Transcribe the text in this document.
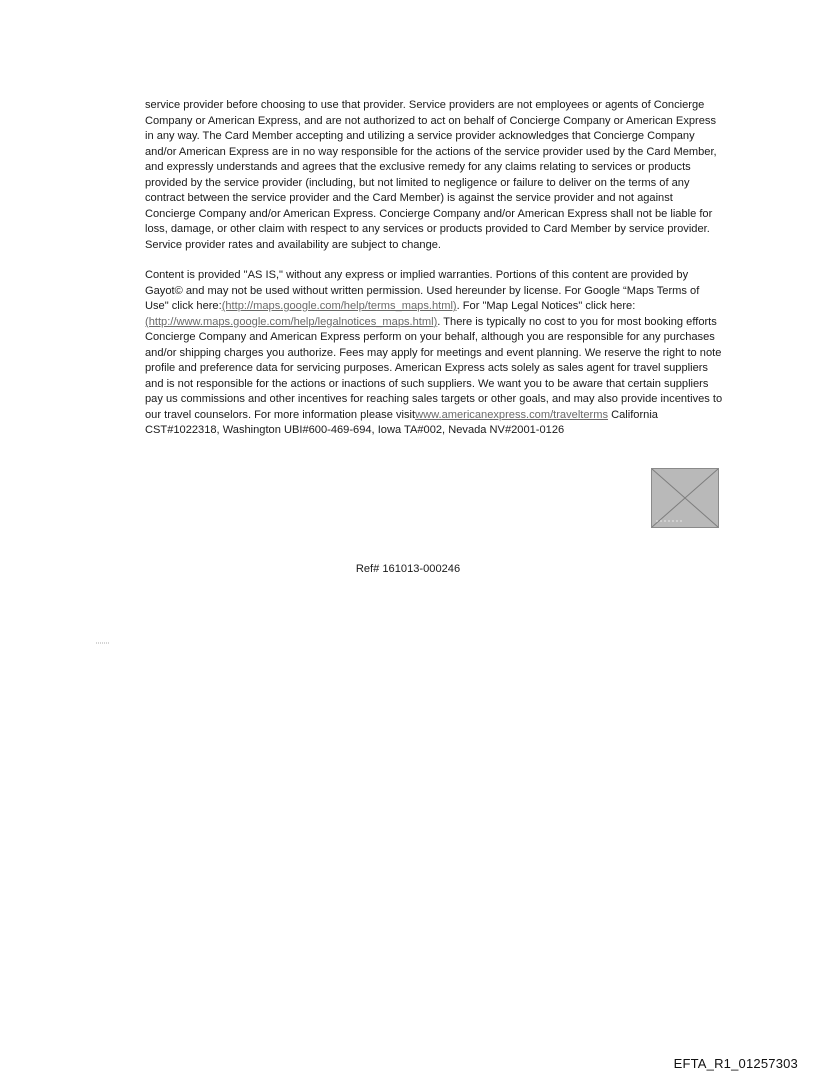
service provider before choosing to use that provider. Service providers are not employees or agents of Concierge Company or American Express, and are not authorized to act on behalf of Concierge Company or American Express in any way. The Card Member accepting and utilizing a service provider acknowledges that Concierge Company and/or American Express are in no way responsible for the actions of the service provider used by the Card Member, and expressly understands and agrees that the exclusive remedy for any claims relating to services or products provided by the service provider (including, but not limited to negligence or failure to deliver on the terms of any contract between the service provider and the Card Member) is against the service provider and not against Concierge Company and/or American Express. Concierge Company and/or American Express shall not be liable for loss, damage, or other claim with respect to any services or products provided to Card Member by service provider. Service provider rates and availability are subject to change.

Content is provided "AS IS," without any express or implied warranties. Portions of this content are provided by Gayot© and may not be used without written permission. Used hereunder by license. For Google “Maps Terms of Use" click here:(http://maps.google.com/help/terms_maps.html). For "Map Legal Notices" click here: (http://www.maps.google.com/help/legalnotices_maps.html). There is typically no cost to you for most booking efforts Concierge Company and American Express perform on your behalf, although you are responsible for any purchases and/or shipping charges you authorize. Fees may apply for meetings and event planning. We reserve the right to note profile and preference data for servicing purposes. American Express acts solely as sales agent for travel suppliers and is not responsible for the actions or inactions of such suppliers. We want you to be aware that certain suppliers pay us commissions and other incentives for reaching sales targets or other goals, and may also provide incentives to our travel counselors. For more information please visitwww.americanexpress.com/travelterms California CST#1022318, Washington UBI#600-469-694, Iowa TA#002, Nevada NV#2001-0126

Ref# 161013-000246
EFTA_R1_01257303
